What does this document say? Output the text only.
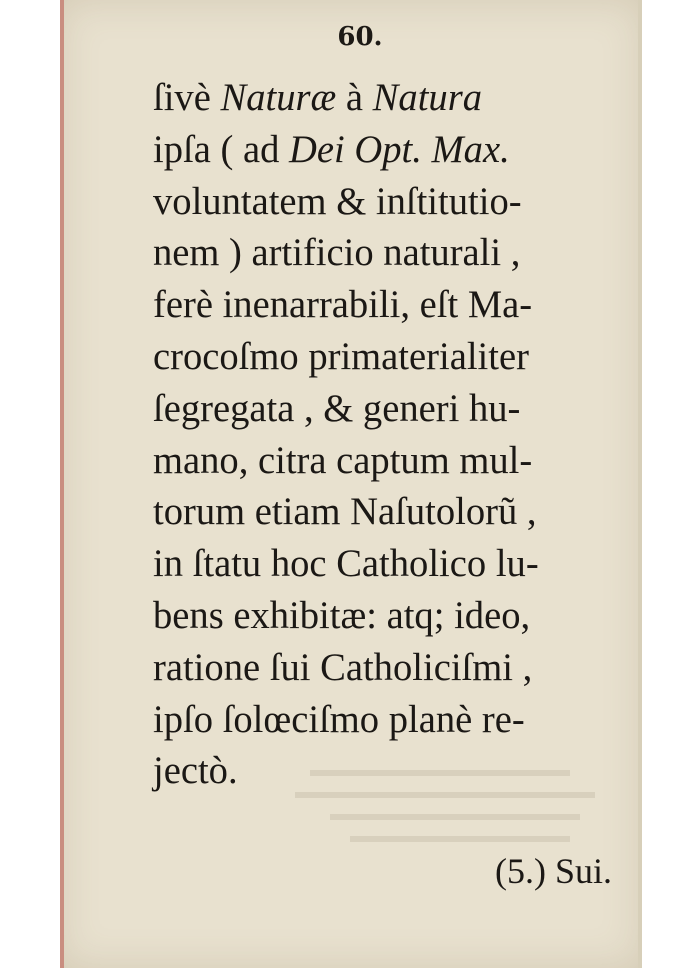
60.
ſivè Naturæ à Natura
ipſa ( ad Dei Opt. Max.
voluntatem & inſtitutio-
nem ) artificio naturali ,
ferè inenarrabili, eſt Ma-
crocoſmo primaterialiter
ſegregata , & generi hu-
mano, citra captum mul-
torum etiam Naſutolorũ ,
in ſtatu hoc Catholico lu-
bens exhibitæ: atq; ideo,
ratione ſui Catholiciſmi ,
ipſo ſolœciſmo planè re-
jectò.
(5.) Sui.
